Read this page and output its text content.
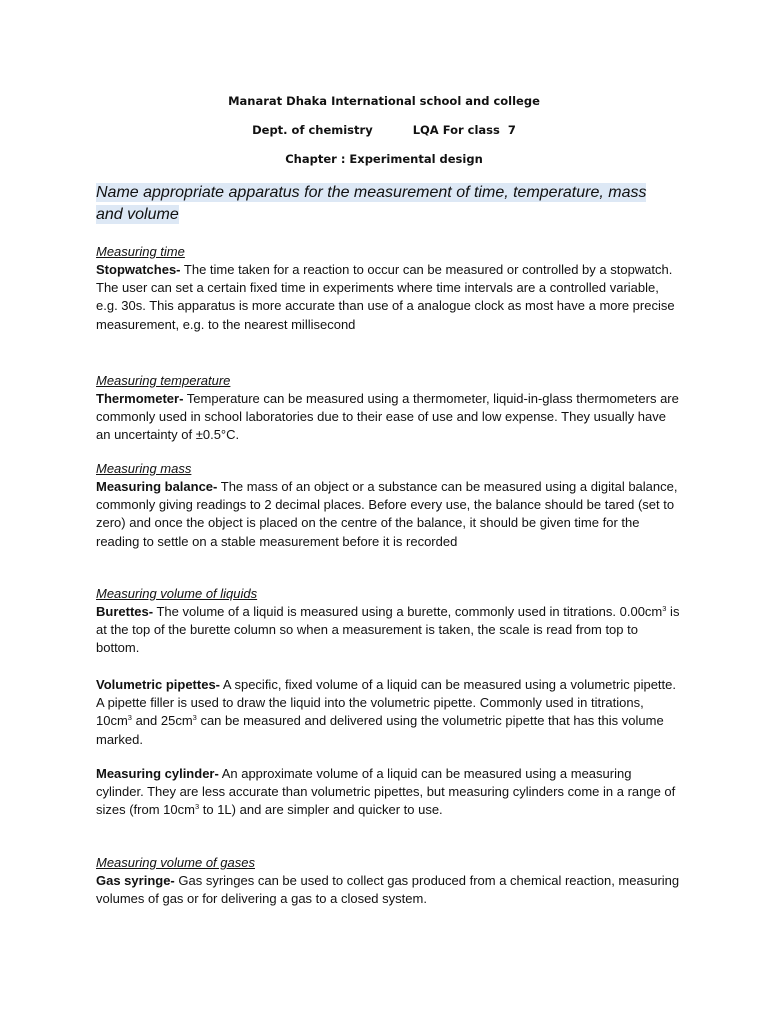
Manarat Dhaka International school and college
Dept. of chemistry	LQA For class  7
Chapter : Experimental design
Name appropriate apparatus for the measurement of time, temperature, mass and volume
Measuring time
Stopwatches- The time taken for a reaction to occur can be measured or controlled by a stopwatch. The user can set a certain fixed time in experiments where time intervals are a controlled variable, e.g. 30s. This apparatus is more accurate than use of a analogue clock as most have a more precise measurement, e.g. to the nearest millisecond
Measuring temperature
Thermometer- Temperature can be measured using a thermometer, liquid-in-glass thermometers are commonly used in school laboratories due to their ease of use and low expense. They usually have an uncertainty of ±0.5°C.
Measuring mass
Measuring balance- The mass of an object or a substance can be measured using a digital balance, commonly giving readings to 2 decimal places. Before every use, the balance should be tared (set to zero) and once the object is placed on the centre of the balance, it should be given time for the reading to settle on a stable measurement before it is recorded
Measuring volume of liquids
Burettes- The volume of a liquid is measured using a burette, commonly used in titrations. $0.00cm^3$ is at the top of the burette column so when a measurement is taken, the scale is read from top to bottom.
Volumetric pipettes- A specific, fixed volume of a liquid can be measured using a volumetric pipette. A pipette filler is used to draw the liquid into the volumetric pipette. Commonly used in titrations, $10cm^3$ and $25cm^3$ can be measured and delivered using the volumetric pipette that has this volume marked.
Measuring cylinder- An approximate volume of a liquid can be measured using a measuring cylinder. They are less accurate than volumetric pipettes, but measuring cylinders come in a range of sizes (from $10cm^3$ to 1L) and are simpler and quicker to use.
Measuring volume of gases
Gas syringe- Gas syringes can be used to collect gas produced from a chemical reaction, measuring volumes of gas or for delivering a gas to a closed system.
